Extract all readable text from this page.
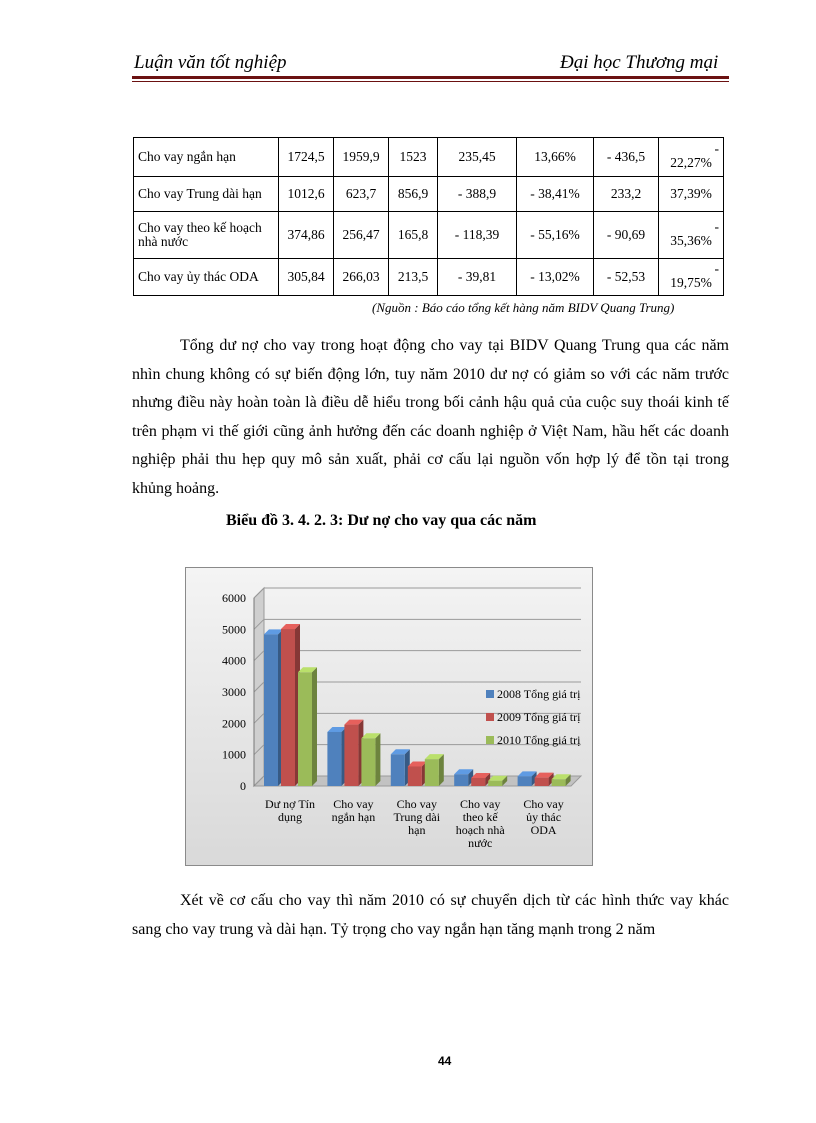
Luận văn tốt nghiệp	Đại học Thương mại
Cho vay ngắn hạn	1724,5	1959,9	1523	235,45	13,66%	- 436,5	-
22,27%

Cho vay Trung dài hạn	1012,6	623,7	856,9	- 388,9	- 38,41%	233,2	37,39%

Cho vay theo kế hoạch nhà nước	374,86	256,47	165,8	- 118,39	- 55,16%	- 90,69	-
35,36%

Cho vay ủy thác ODA	305,84	266,03	213,5	- 39,81	- 13,02%	- 52,53	-
19,75%
(Nguồn : Báo cáo tổng kết hàng năm BIDV Quang Trung)
Tổng dư nợ cho vay trong hoạt động cho vay tại BIDV Quang Trung qua các năm nhìn chung không có sự biến động lớn, tuy năm 2010 dư nợ có giảm so với các năm trước nhưng điều này hoàn toàn là điều dễ hiểu trong bối cảnh hậu quả của cuộc suy thoái kinh tế trên phạm vi thế giới cũng ảnh hưởng đến các doanh nghiệp ở Việt Nam, hầu hết các doanh nghiệp phải thu hẹp quy mô sản xuất, phải cơ cấu lại nguồn vốn hợp lý để tồn tại trong khủng hoảng.
Biểu đồ 3. 4. 2. 3: Dư nợ cho vay qua các năm
0
1000
2000
3000
4000
5000
6000
Dư nợ Tín
dụng
Cho vay
ngắn hạn
Cho vay
Trung dài
hạn
Cho vay
theo kế
hoạch nhà
nước
Cho vay
ủy thác
ODA
2008 Tổng giá trị
2009 Tổng giá trị
2010 Tổng giá trị
Xét về cơ cấu cho vay thì năm 2010 có sự chuyển dịch từ các hình thức vay khác sang cho vay trung và dài hạn. Tỷ trọng cho vay ngắn hạn tăng mạnh trong 2 năm
44
